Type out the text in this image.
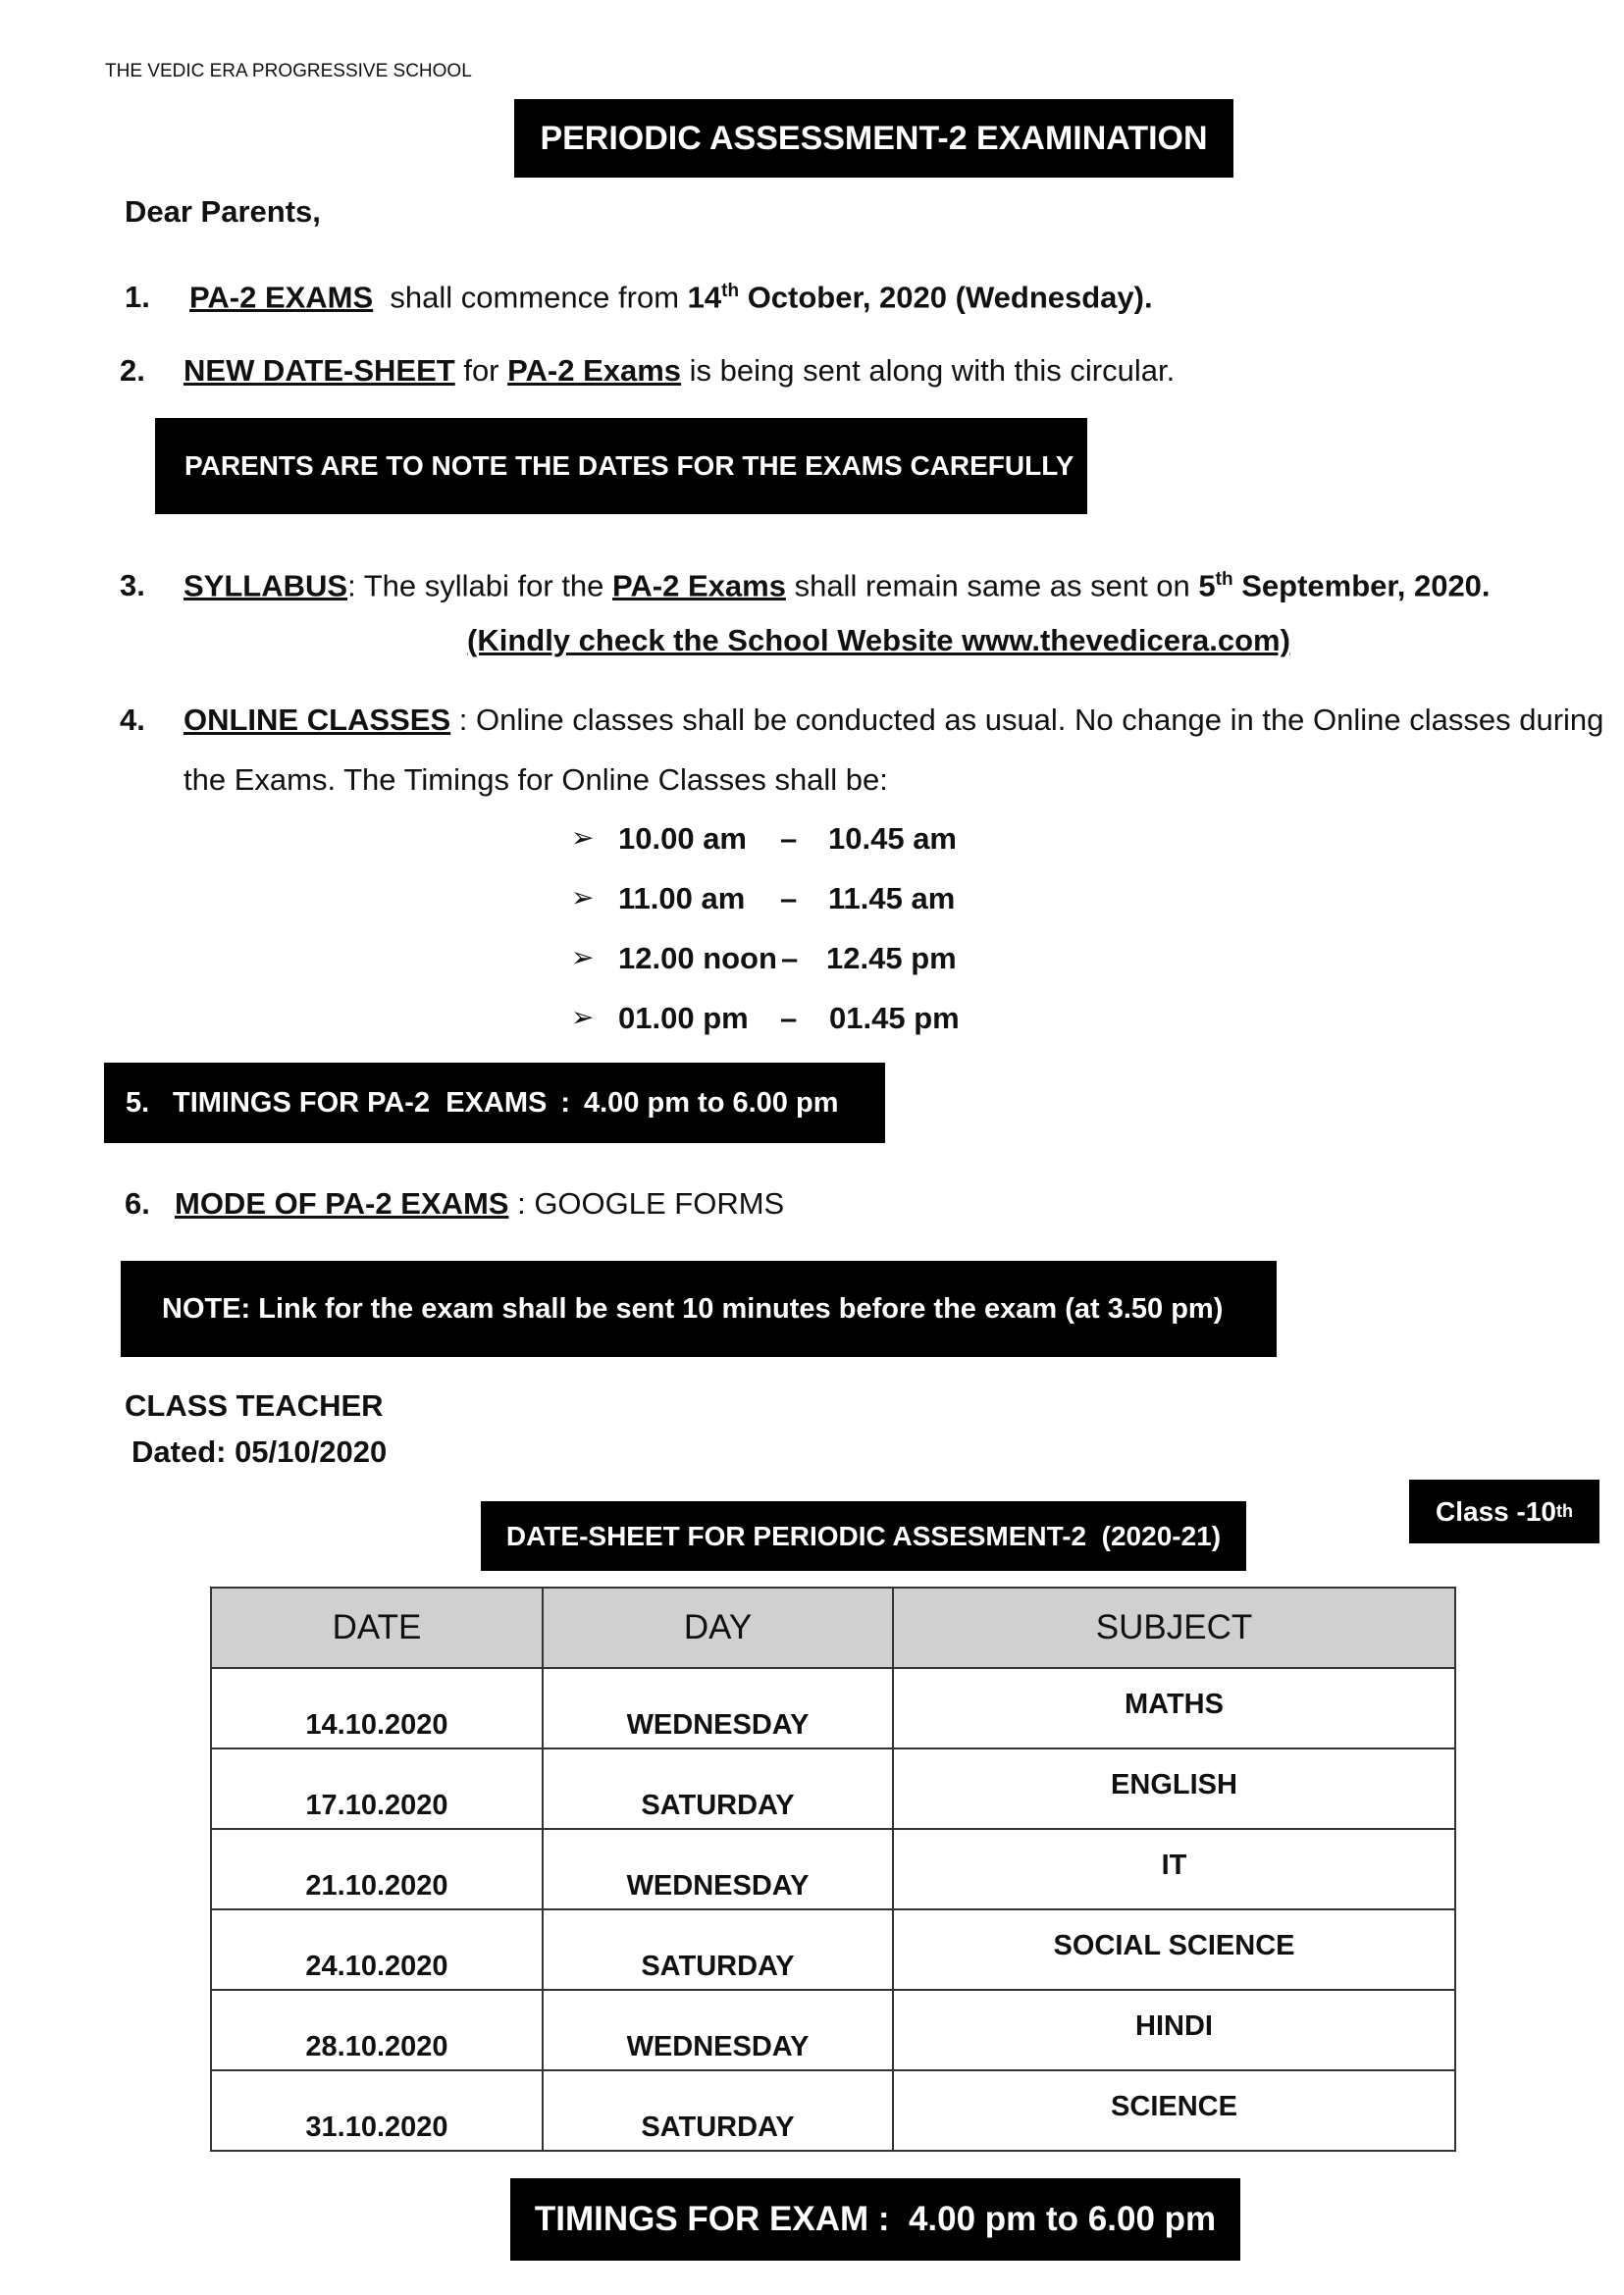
THE VEDIC ERA PROGRESSIVE SCHOOL
PERIODIC ASSESSMENT-2 EXAMINATION
Dear Parents,
1. PA-2 EXAMS shall commence from 14th October, 2020 (Wednesday).
2. NEW DATE-SHEET for PA-2 Exams is being sent along with this circular.
PARENTS ARE TO NOTE THE DATES FOR THE EXAMS CAREFULLY
3. SYLLABUS: The syllabi for the PA-2 Exams shall remain same as sent on 5th September, 2020.
(Kindly check the School Website www.thevedicera.com)
4. ONLINE CLASSES : Online classes shall be conducted as usual. No change in the Online classes during
the Exams. The Timings for Online Classes shall be:
➢ 10.00 am – 10.45 am
➢ 11.00 am – 11.45 am
➢ 12.00 noon – 12.45 pm
➢ 01.00 pm – 01.45 pm
5. TIMINGS FOR PA-2  EXAMS : 4.00 pm to 6.00 pm
6. MODE OF PA-2 EXAMS : GOOGLE FORMS
NOTE: Link for the exam shall be sent 10 minutes before the exam (at 3.50 pm)
CLASS TEACHER
Dated: 05/10/2020
DATE-SHEET FOR PERIODIC ASSESMENT-2  (2020-21)
Class -10 th
DATE	DAY	SUBJECT

14.10.2020	WEDNESDAY	MATHS

17.10.2020	SATURDAY	ENGLISH

21.10.2020	WEDNESDAY	IT

24.10.2020	SATURDAY	SOCIAL SCIENCE

28.10.2020	WEDNESDAY	HINDI

31.10.2020	SATURDAY	SCIENCE
TIMINGS FOR EXAM :  4.00 pm to 6.00 pm
